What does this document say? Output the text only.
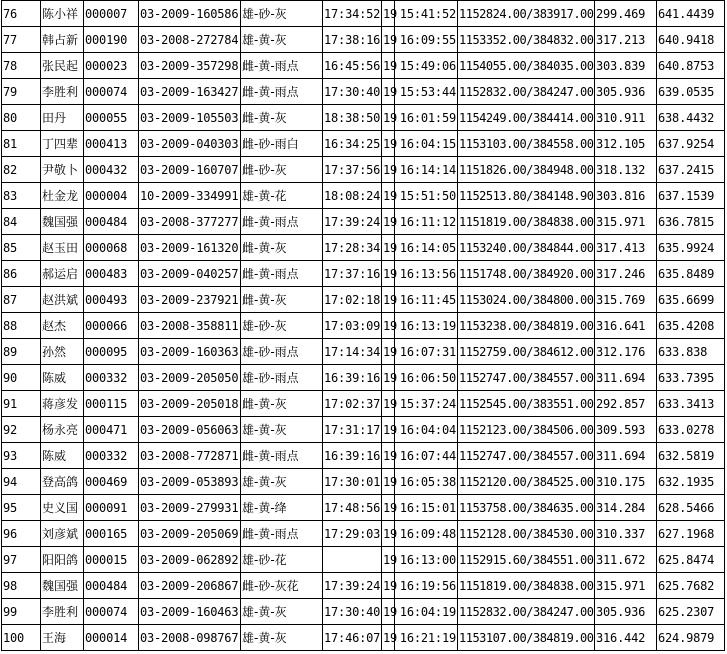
76	陈小祥	000007	03-2009-160586	雄-砂-灰	17:34:52	19	15:41:52	1152824.00/383917.00	299.469	641.4439
77	韩占新	000190	03-2008-272784	雄-黄-灰	17:38:16	19	16:09:55	1153352.00/384832.00	317.213	640.9418
78	张民起	000023	03-2009-357298	雌-黄-雨点	16:45:56	19	15:49:06	1154055.00/384035.00	303.839	640.8753
79	李胜利	000074	03-2009-163427	雌-黄-雨点	17:30:40	19	15:53:44	1152832.00/384247.00	305.936	639.0535
80	田丹	000055	03-2009-105503	雌-黄-灰	18:38:50	19	16:01:59	1154249.00/384414.00	310.911	638.4432
81	丁四辈	000413	03-2009-040303	雌-砂-雨白	16:34:25	19	16:04:15	1153103.00/384558.00	312.105	637.9254
82	尹敬卜	000432	03-2009-160707	雌-砂-灰	17:37:56	19	16:14:14	1151826.00/384948.00	318.132	637.2415
83	杜金龙	000004	10-2009-334991	雄-黄-花	18:08:24	19	15:51:50	1152513.80/384148.90	303.816	637.1539
84	魏国强	000484	03-2008-377277	雌-黄-雨点	17:39:24	19	16:11:12	1151819.00/384838.00	315.971	636.7815
85	赵玉田	000068	03-2009-161320	雌-黄-灰	17:28:34	19	16:14:05	1153240.00/384844.00	317.413	635.9924
86	郝运启	000483	03-2009-040257	雌-黄-雨点	17:37:16	19	16:13:56	1151748.00/384920.00	317.246	635.8489
87	赵洪斌	000493	03-2009-237921	雌-黄-灰	17:02:18	19	16:11:45	1153024.00/384800.00	315.769	635.6699
88	赵杰	000066	03-2008-358811	雄-砂-灰	17:03:09	19	16:13:19	1153238.00/384819.00	316.641	635.4208
89	孙然	000095	03-2009-160363	雄-砂-雨点	17:14:34	19	16:07:31	1152759.00/384612.00	312.176	633.838
90	陈威	000332	03-2009-205050	雄-砂-雨点	16:39:16	19	16:06:50	1152747.00/384557.00	311.694	633.7395
91	蒋彦发	000115	03-2009-205018	雌-黄-灰	17:02:37	19	15:37:24	1152545.00/383551.00	292.857	633.3413
92	杨永亮	000471	03-2009-056063	雄-黄-灰	17:31:17	19	16:04:04	1152123.00/384506.00	309.593	633.0278
93	陈威	000332	03-2008-772871	雌-黄-雨点	16:39:16	19	16:07:44	1152747.00/384557.00	311.694	632.5819
94	登高鸽	000469	03-2009-053893	雄-黄-灰	17:30:01	19	16:05:38	1152120.00/384525.00	310.175	632.1935
95	史义国	000091	03-2009-279931	雄-黄-绛	17:48:56	19	16:15:01	1153758.00/384635.00	314.284	628.5466
96	刘彦斌	000165	03-2009-205069	雌-黄-雨点	17:29:03	19	16:09:48	1152128.00/384530.00	310.337	627.1968
97	阳阳鸽	000015	03-2009-062892	雄-砂-花		19	16:13:00	1152915.60/384551.00	311.672	625.8474
98	魏国强	000484	03-2009-206867	雌-砂-灰花	17:39:24	19	16:19:56	1151819.00/384838.00	315.971	625.7682
99	李胜利	000074	03-2009-160463	雄-黄-灰	17:30:40	19	16:04:19	1152832.00/384247.00	305.936	625.2307
100	王海	000014	03-2008-098767	雄-黄-灰	17:46:07	19	16:21:19	1153107.00/384819.00	316.442	624.9879
